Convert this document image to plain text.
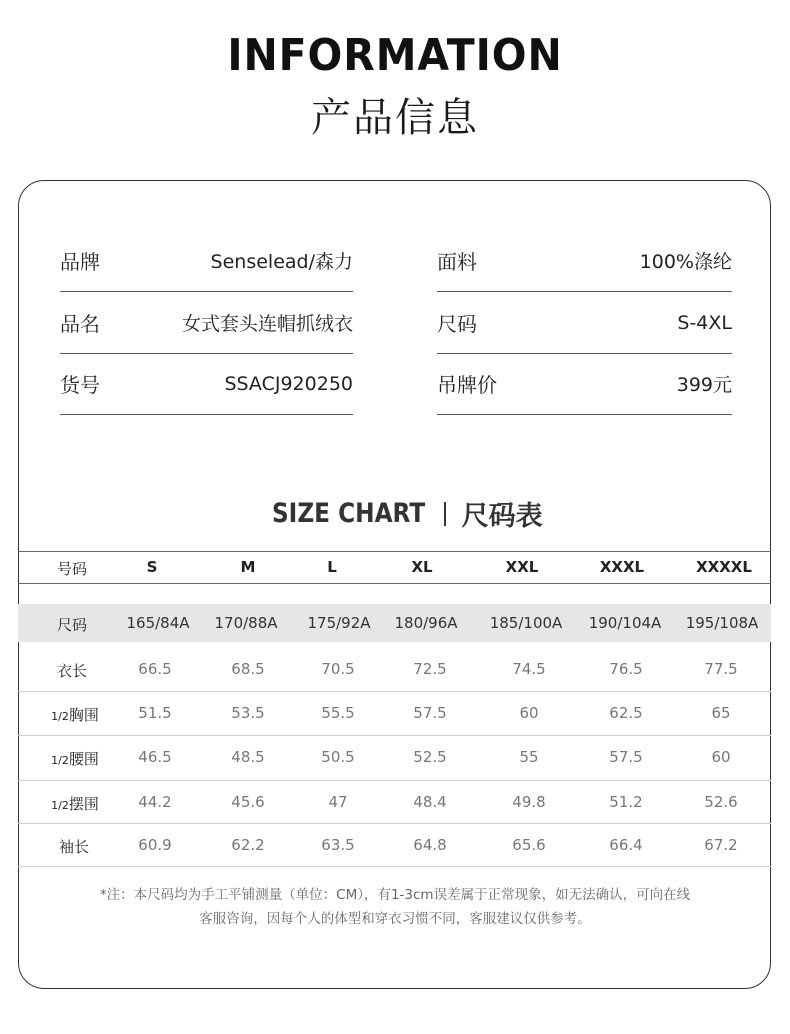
INFORMATION
产品信息
品牌	Senselead/森力	面料	100%涤纶
品名	女式套头连帽抓绒衣	尺码	S-4XL
货号	SSACJ920250	吊牌价	399元
SIZE CHART 尺码表
号码	S	M	L	XL	XXL	XXXL	XXXXL
尺码	165/84A 170/88A 175/92A 180/96A 185/100A 190/104A 195/108A
衣长	66.5	68.5	70.5	72.5	74.5	76.5	77.5
1/2胸围	51.5	53.5	55.5	57.5	60	62.5	65
1/2腰围	46.5	48.5	50.5	52.5	55	57.5	60
1/2摆围	44.2	45.6	47	48.4	49.8	51.2	52.6
袖长	60.9	62.2	63.5	64.8	65.6	66.4	67.2
*注：本尺码均为手工平铺测量（单位：CM），有1-3cm误差属于正常现象，如无法确认，可向在线
客服咨询，因每个人的体型和穿衣习惯不同，客服建议仅供参考。
